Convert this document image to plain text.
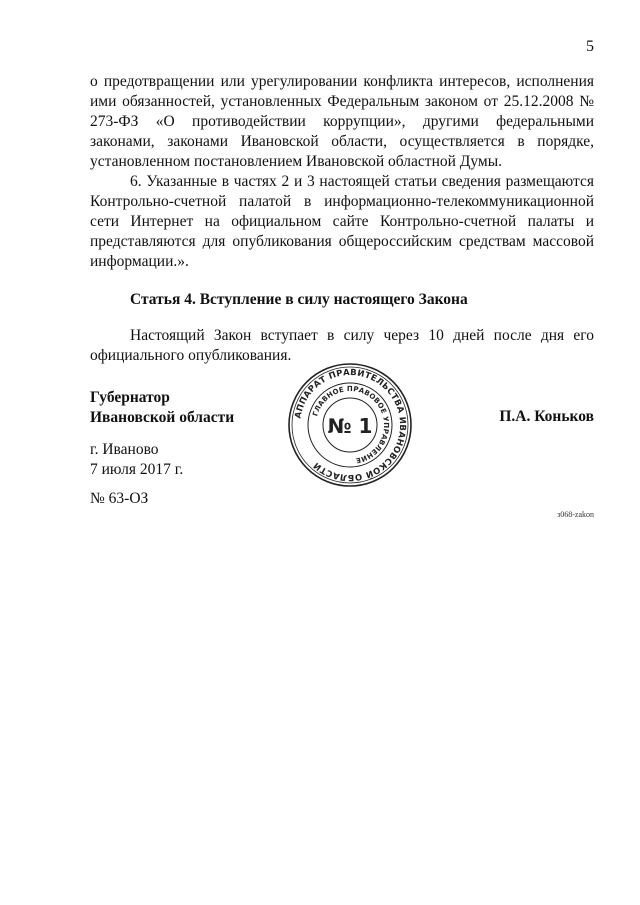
5

о предотвращении или урегулировании конфликта интересов, исполнения ими обязанностей, установленных Федеральным законом от 25.12.2008 № 273-ФЗ «О противодействии коррупции», другими федеральными законами, законами Ивановской области, осуществляется в порядке, установленном постановлением Ивановской областной Думы.

6. Указанные в частях 2 и 3 настоящей статьи сведения размещаются Контрольно-счетной палатой в информационно-телекоммуникационной сети Интернет на официальном сайте Контрольно-счетной палаты и представляются для опубликования общероссийским средствам массовой информации.».

Статья 4. Вступление в силу настоящего Закона

Настоящий Закон вступает в силу через 10 дней после дня его официального опубликования.

Губернатор
Ивановской области	П.А. Коньков
АППАРАТ ПРАВИТЕЛЬСТВА ИВАНОВСКОЙ ОБЛАСТИ
ГЛАВНОЕ ПРАВОВОЕ УПРАВЛЕНИЕ
№ 1
г. Иваново
7 июля 2017 г.
№ 63-ОЗ
з068-zakon
